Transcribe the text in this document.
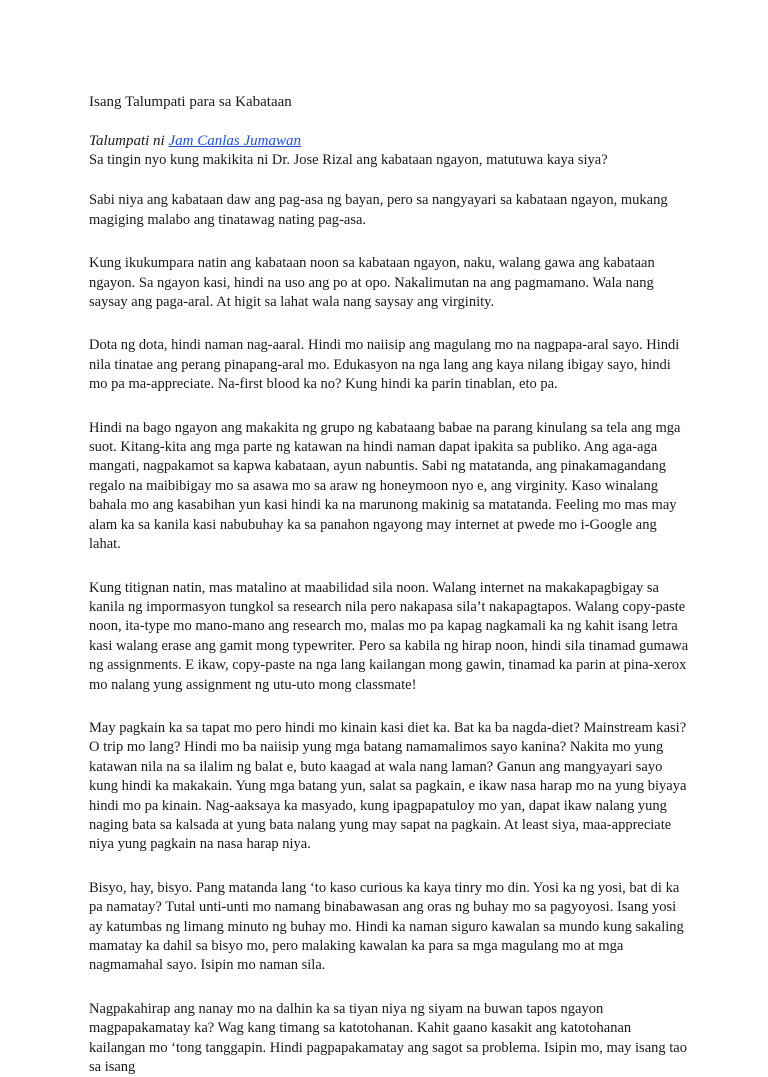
Isang Talumpati para sa Kabataan

Talumpati ni Jam Canlas Jumawan

Sa tingin nyo kung makikita ni Dr. Jose Rizal ang kabataan ngayon, matutuwa kaya siya?

Sabi niya ang kabataan daw ang pag-asa ng bayan, pero sa nangyayari sa kabataan ngayon, mukang magiging malabo ang tinatawag nating pag-asa.

Kung ikukumpara natin ang kabataan noon sa kabataan ngayon, naku, walang gawa ang kabataan ngayon. Sa ngayon kasi, hindi na uso ang po at opo. Nakalimutan na ang pagmamano. Wala nang saysay ang paga-aral. At higit sa lahat wala nang saysay ang virginity.

Dota ng dota, hindi naman nag-aaral. Hindi mo naiisip ang magulang mo na nagpapa-aral sayo. Hindi nila tinatae ang perang pinapang-aral mo. Edukasyon na nga lang ang kaya nilang ibigay sayo, hindi mo pa ma-appreciate. Na-first blood ka no? Kung hindi ka parin tinablan, eto pa.

Hindi na bago ngayon ang makakita ng grupo ng kabataang babae na parang kinulang sa tela ang mga suot. Kitang-kita ang mga parte ng katawan na hindi naman dapat ipakita sa publiko. Ang aga-aga mangati, nagpakamot sa kapwa kabataan, ayun nabuntis. Sabi ng matatanda, ang pinakamagandang regalo na maibibigay mo sa asawa mo sa araw ng honeymoon nyo e, ang virginity. Kaso winalang bahala mo ang kasabihan yun kasi hindi ka na marunong makinig sa matatanda. Feeling mo mas may alam ka sa kanila kasi nabubuhay ka sa panahon ngayong may internet at pwede mo i-Google ang lahat.

Kung titignan natin, mas matalino at maabilidad sila noon. Walang internet na makakapagbigay sa kanila ng impormasyon tungkol sa research nila pero nakapasa sila’t nakapagtapos. Walang copy-paste noon, ita-type mo mano-mano ang research mo, malas mo pa kapag nagkamali ka ng kahit isang letra kasi walang erase ang gamit mong typewriter. Pero sa kabila ng hirap noon, hindi sila tinamad gumawa ng assignments. E ikaw, copy-paste na nga lang kailangan mong gawin, tinamad ka parin at pina-xerox mo nalang yung assignment ng utu-uto mong classmate!

May pagkain ka sa tapat mo pero hindi mo kinain kasi diet ka. Bat ka ba nagda-diet? Mainstream kasi? O trip mo lang? Hindi mo ba naiisip yung mga batang namamalimos sayo kanina? Nakita mo yung katawan nila na sa ilalim ng balat e, buto kaagad at wala nang laman? Ganun ang mangyayari sayo kung hindi ka makakain. Yung mga batang yun, salat sa pagkain, e ikaw nasa harap mo na yung biyaya hindi mo pa kinain. Nag-aaksaya ka masyado, kung ipagpapatuloy mo yan, dapat ikaw nalang yung naging bata sa kalsada at yung bata nalang yung may sapat na pagkain. At least siya, maa-appreciate niya yung pagkain na nasa harap niya.

Bisyo, hay, bisyo. Pang matanda lang ‘to kaso curious ka kaya tinry mo din. Yosi ka ng yosi, bat di ka pa namatay? Tutal unti-unti mo namang binabawasan ang oras ng buhay mo sa pagyoyosi. Isang yosi ay katumbas ng limang minuto ng buhay mo. Hindi ka naman siguro kawalan sa mundo kung sakaling mamatay ka dahil sa bisyo mo, pero malaking kawalan ka para sa mga magulang mo at mga nagmamahal sayo. Isipin mo naman sila.

Nagpakahirap ang nanay mo na dalhin ka sa tiyan niya ng siyam na buwan tapos ngayon magpapakamatay ka? Wag kang timang sa katotohanan. Kahit gaano kasakit ang katotohanan kailangan mo ‘tong tanggapin. Hindi pagpapakamatay ang sagot sa problema. Isipin mo, may isang tao sa isang
